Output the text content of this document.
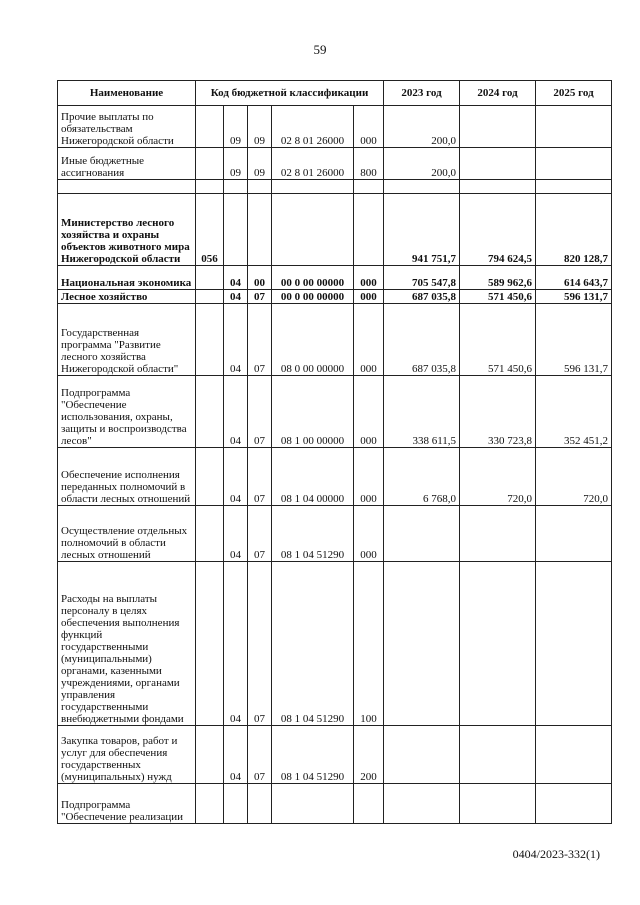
59
Наименование	Код бюджетной классификации					2023 год	2024 год	2025 год
Прочие выплаты по обязательствам Нижегородской области		09	09	02 8 01 26000	000	200,0		
Иные бюджетные ассигнования		09	09	02 8 01 26000	800	200,0		

Министерство лесного хозяйства и охраны объектов животного мира Нижегородской области	056					941 751,7	794 624,5	820 128,7
Национальная экономика		04	00	00 0 00 00000	000	705 547,8	589 962,6	614 643,7
Лесное хозяйство		04	07	00 0 00 00000	000	687 035,8	571 450,6	596 131,7
Государственная программа "Развитие лесного хозяйства Нижегородской области"		04	07	08 0 00 00000	000	687 035,8	571 450,6	596 131,7
Подпрограмма "Обеспечение использования, охраны, защиты и воспроизводства лесов"		04	07	08 1 00 00000	000	338 611,5	330 723,8	352 451,2
Обеспечение исполнения переданных полномочий в области лесных отношений		04	07	08 1 04 00000	000	6 768,0	720,0	720,0
Осуществление отдельных полномочий в области лесных отношений		04	07	08 1 04 51290	000			
Расходы на выплаты персоналу в целях обеспечения выполнения функций государственными (муниципальными) органами, казенными учреждениями, органами управления государственными внебюджетными фондами		04	07	08 1 04 51290	100			
Закупка товаров, работ и услуг для обеспечения государственных (муниципальных) нужд		04	07	08 1 04 51290	200			
Подпрограмма "Обеспечение реализации								
0404/2023-332(1)
